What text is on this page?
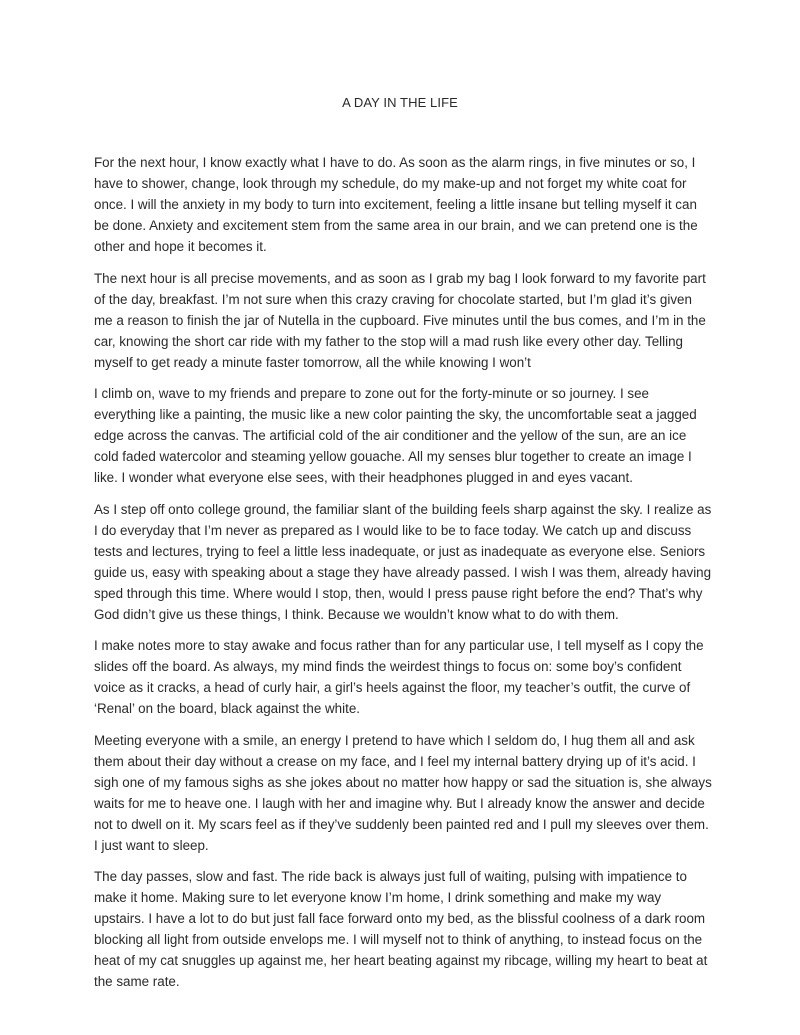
A DAY IN THE LIFE

For the next hour, I know exactly what I have to do. As soon as the alarm rings, in five minutes or so, I have to shower, change, look through my schedule, do my make-up and not forget my white coat for once. I will the anxiety in my body to turn into excitement, feeling a little insane but telling myself it can be done. Anxiety and excitement stem from the same area in our brain, and we can pretend one is the other and hope it becomes it.

The next hour is all precise movements, and as soon as I grab my bag I look forward to my favorite part of the day, breakfast. I’m not sure when this crazy craving for chocolate started, but I’m glad it’s given me a reason to finish the jar of Nutella in the cupboard. Five minutes until the bus comes, and I’m in the car, knowing the short car ride with my father to the stop will a mad rush like every other day. Telling myself to get ready a minute faster tomorrow, all the while knowing I won’t

I climb on, wave to my friends and prepare to zone out for the forty-minute or so journey. I see everything like a painting, the music like a new color painting the sky, the uncomfortable seat a jagged edge across the canvas. The artificial cold of the air conditioner and the yellow of the sun, are an ice cold faded watercolor and steaming yellow gouache. All my senses blur together to create an image I like. I wonder what everyone else sees, with their headphones plugged in and eyes vacant.

As I step off onto college ground, the familiar slant of the building feels sharp against the sky. I realize as I do everyday that I’m never as prepared as I would like to be to face today. We catch up and discuss tests and lectures, trying to feel a little less inadequate, or just as inadequate as everyone else. Seniors guide us, easy with speaking about a stage they have already passed. I wish I was them, already having sped through this time. Where would I stop, then, would I press pause right before the end? That’s why God didn’t give us these things, I think. Because we wouldn’t know what to do with them.

I make notes more to stay awake and focus rather than for any particular use, I tell myself as I copy the slides off the board. As always, my mind finds the weirdest things to focus on: some boy’s confident voice as it cracks, a head of curly hair, a girl’s heels against the floor, my teacher’s outfit, the curve of ‘Renal’ on the board, black against the white.

Meeting everyone with a smile, an energy I pretend to have which I seldom do, I hug them all and ask them about their day without a crease on my face, and I feel my internal battery drying up of it’s acid. I sigh one of my famous sighs as she jokes about no matter how happy or sad the situation is, she always waits for me to heave one. I laugh with her and imagine why. But I already know the answer and decide not to dwell on it. My scars feel as if they’ve suddenly been painted red and I pull my sleeves over them. I just want to sleep.

The day passes, slow and fast. The ride back is always just full of waiting, pulsing with impatience to make it home. Making sure to let everyone know I’m home, I drink something and make my way upstairs. I have a lot to do but just fall face forward onto my bed, as the blissful coolness of a dark room blocking all light from outside envelops me. I will myself not to think of anything, to instead focus on the heat of my cat snuggles up against me, her heart beating against my ribcage, willing my heart to beat at the same rate.
